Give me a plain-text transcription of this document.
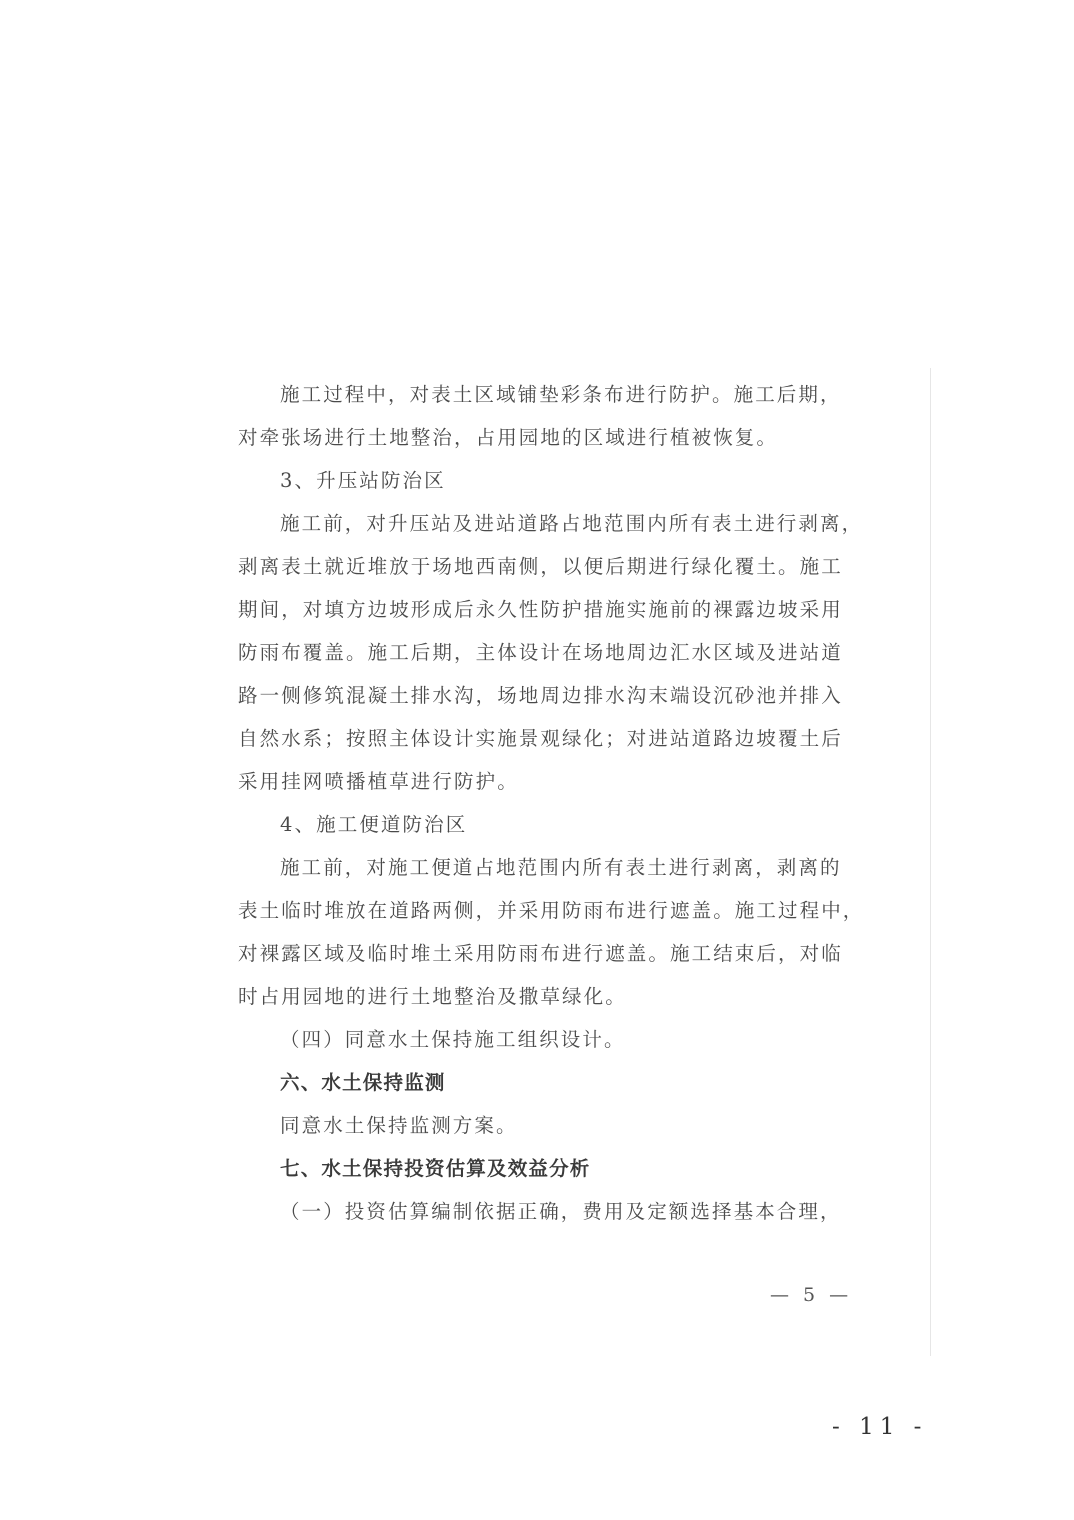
施工过程中，对表土区域铺垫彩条布进行防护。施工后期，
对牵张场进行土地整治，占用园地的区域进行植被恢复。
3、升压站防治区
施工前，对升压站及进站道路占地范围内所有表土进行剥离，
剥离表土就近堆放于场地西南侧，以便后期进行绿化覆土。施工
期间，对填方边坡形成后永久性防护措施实施前的裸露边坡采用
防雨布覆盖。施工后期，主体设计在场地周边汇水区域及进站道
路一侧修筑混凝土排水沟，场地周边排水沟末端设沉砂池并排入
自然水系；按照主体设计实施景观绿化；对进站道路边坡覆土后
采用挂网喷播植草进行防护。
4、施工便道防治区
施工前，对施工便道占地范围内所有表土进行剥离，剥离的
表土临时堆放在道路两侧，并采用防雨布进行遮盖。施工过程中，
对裸露区域及临时堆土采用防雨布进行遮盖。施工结束后，对临
时占用园地的进行土地整治及撒草绿化。
（四）同意水土保持施工组织设计。
六、水土保持监测
同意水土保持监测方案。
七、水土保持投资估算及效益分析
（一）投资估算编制依据正确，费用及定额选择基本合理，
— 5 —
- 11 -
